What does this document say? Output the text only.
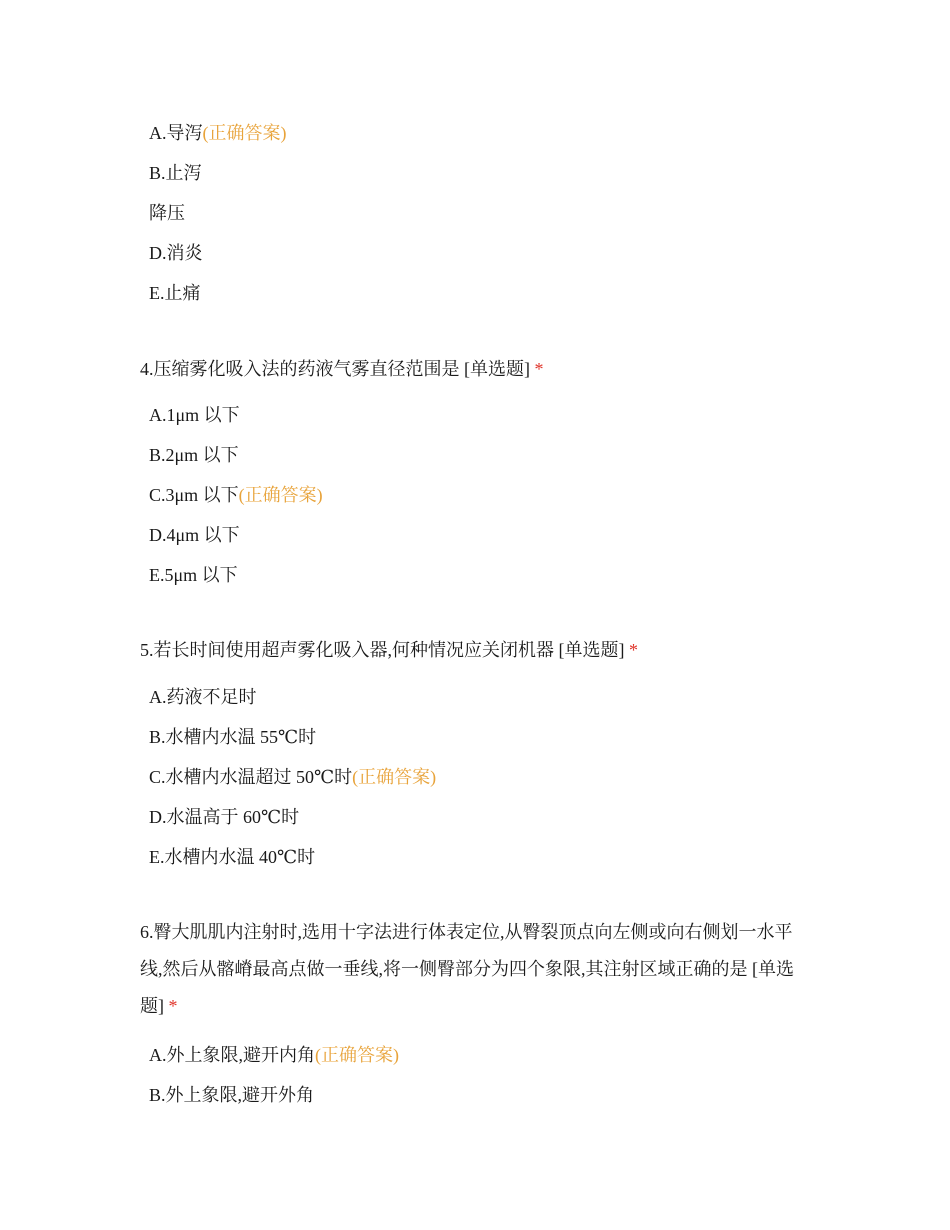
A.导泻(正确答案)
B.止泻
降压
D.消炎
E.止痛
4.压缩雾化吸入法的药液气雾直径范围是 [单选题] *
A.1μm 以下
B.2μm 以下
C.3μm 以下(正确答案)
D.4μm 以下
E.5μm 以下
5.若长时间使用超声雾化吸入器,何种情况应关闭机器 [单选题] *
A.药液不足时
B.水槽内水温 55℃时
C.水槽内水温超过 50℃时(正确答案)
D.水温高于 60℃时
E.水槽内水温 40℃时
6.臀大肌肌内注射时,选用十字法进行体表定位,从臀裂顶点向左侧或向右侧划一水平线,然后从髂嵴最高点做一垂线,将一侧臀部分为四个象限,其注射区域正确的是 [单选题] *
A.外上象限,避开内角(正确答案)
B.外上象限,避开外角
